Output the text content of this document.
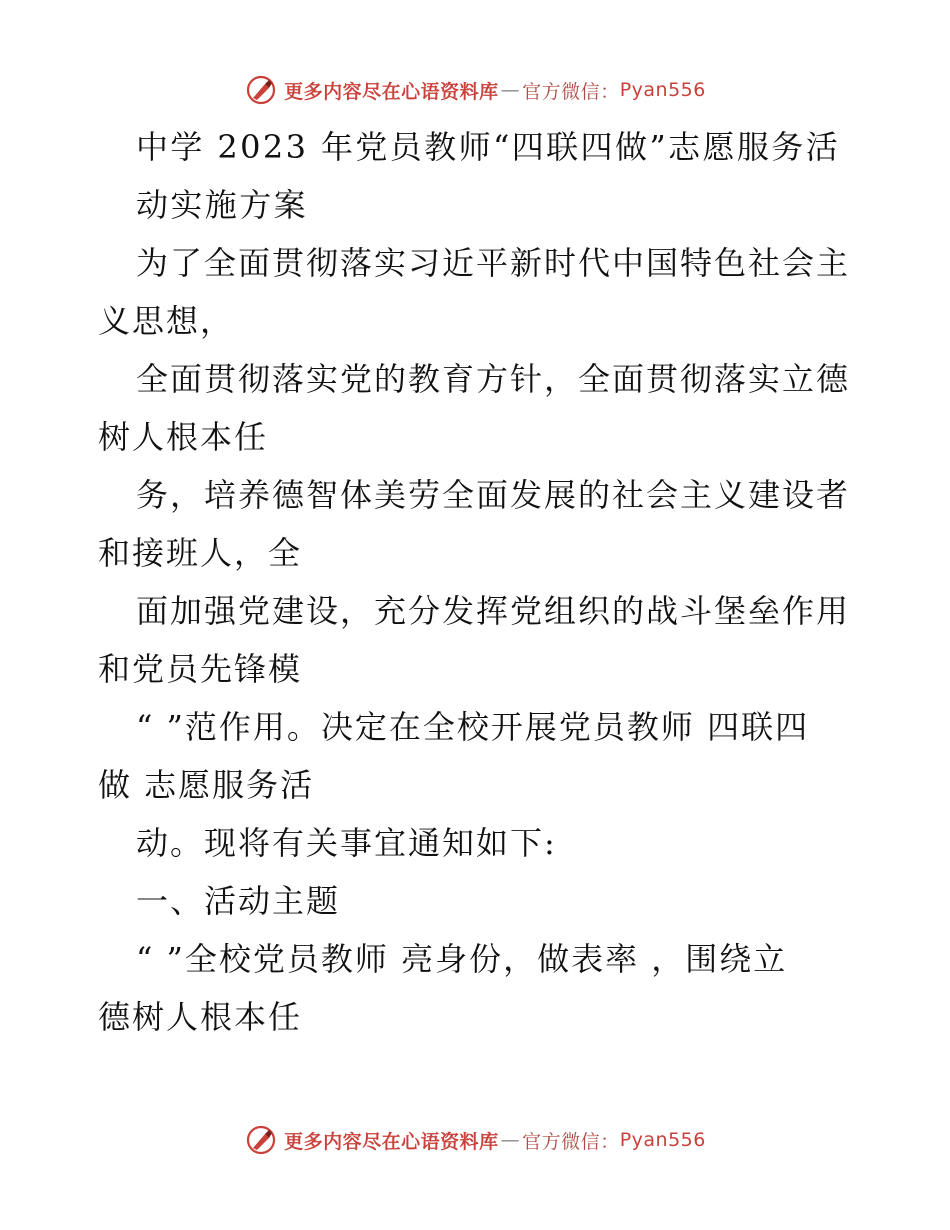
更多内容尽在心语资料库 — 官方微信： Pyan556
中学 2023 年党员教师“四联四做”志愿服务活
动实施方案
为了全面贯彻落实习近平新时代中国特色社会主
义思想，
全面贯彻落实党的教育方针，全面贯彻落实立德
树人根本任
务，培养德智体美劳全面发展的社会主义建设者
和接班人，全
面加强党建设，充分发挥党组织的战斗堡垒作用
和党员先锋模
“ ”范作用。决定在全校开展党员教师 四联四
做 志愿服务活
动。现将有关事宜通知如下:
一、活动主题
“ ”全校党员教师 亮身份，做表率 ，围绕立
德树人根本任
更多内容尽在心语资料库 — 官方微信： Pyan556
